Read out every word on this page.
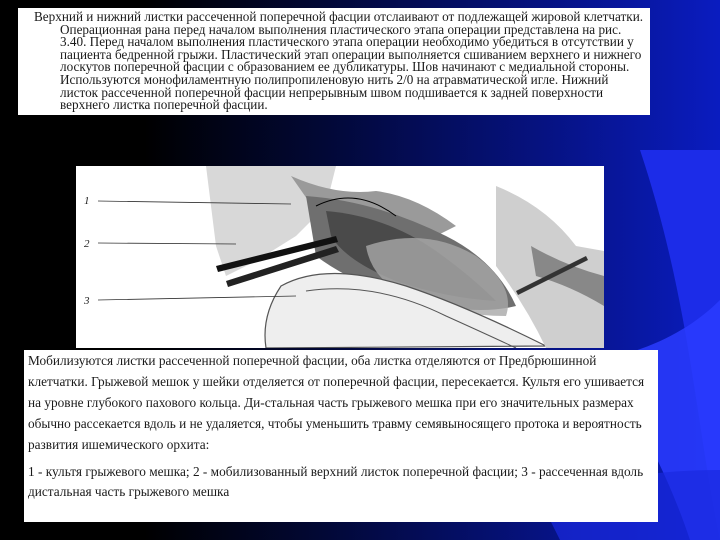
Верхний и нижний листки рассеченной поперечной фасции отслаивают от подлежащей жировой клетчатки. Операционная рана перед началом выполнения пластического этапа операции представлена на рис. 3.40. Перед началом выполнения пластического этапа операции необходимо убедиться в отсутствии у пациента бедренной грыжи. Пластический этап операции выполняется сшиванием верхнего и нижнего лоскутов поперечной фасции с образованием ее дубликатуры. Шов начинают с медиальной стороны. Используются монофиламентную полипропиленовую нить 2/0 на атравматической игле. Нижний листок рассеченной поперечной фасции непрерывным швом подшивается к задней поверхности верхнего листка поперечной фасции.

1
2
3

Мобилизуются листки рассеченной поперечной фасции, оба листка отделяются от Предбрюшинной клетчатки. Грыжевой мешок у шейки отделяется от поперечной фасции, пересекается. Культя его ушивается на уровне глубокого пахового кольца. Ди-стальная часть грыжевого мешка при его значительных размерах обычно рассекается вдоль и не удаляется, чтобы уменьшить травму семявыносящего протока и вероятность развития ишемического орхита:

1 - культя грыжевого мешка; 2 - мобилизованный верхний листок поперечной фасции; 3 - рассеченная вдоль дистальная часть грыжевого мешка
